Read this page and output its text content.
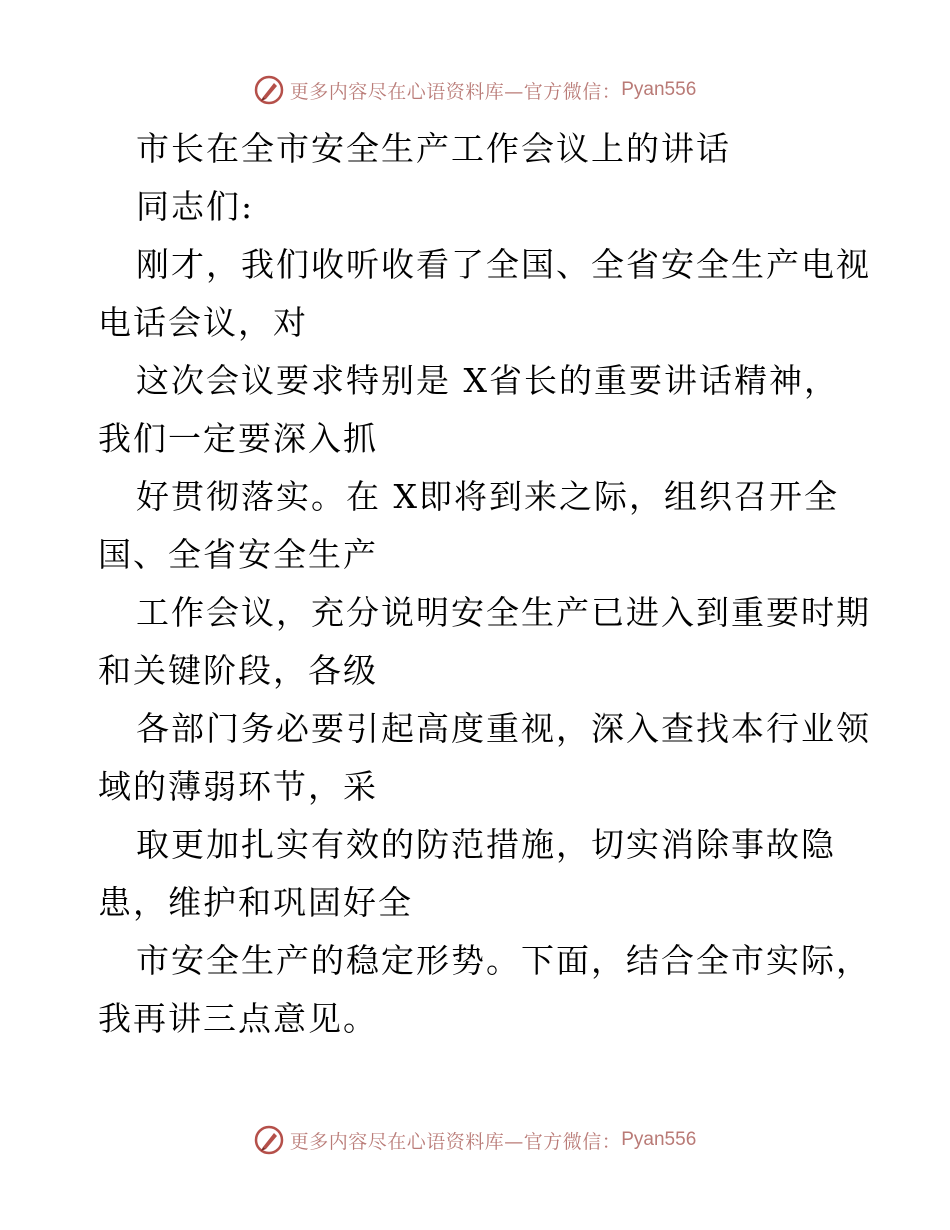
更多内容尽在心语资料库—官方微信： Pyan556
市长在全市安全生产工作会议上的讲话
同志们:
刚才，我们收听收看了全国、全省安全生产电视
电话会议，对
这次会议要求特别是 X省长的重要讲话精神，
我们一定要深入抓
好贯彻落实。在 X即将到来之际，组织召开全
国、全省安全生产
工作会议，充分说明安全生产已进入到重要时期
和关键阶段，各级
各部门务必要引起高度重视，深入查找本行业领
域的薄弱环节，采
取更加扎实有效的防范措施，切实消除事故隐
患，维护和巩固好全
市安全生产的稳定形势。下面，结合全市实际，
我再讲三点意见。
更多内容尽在心语资料库—官方微信： Pyan556
